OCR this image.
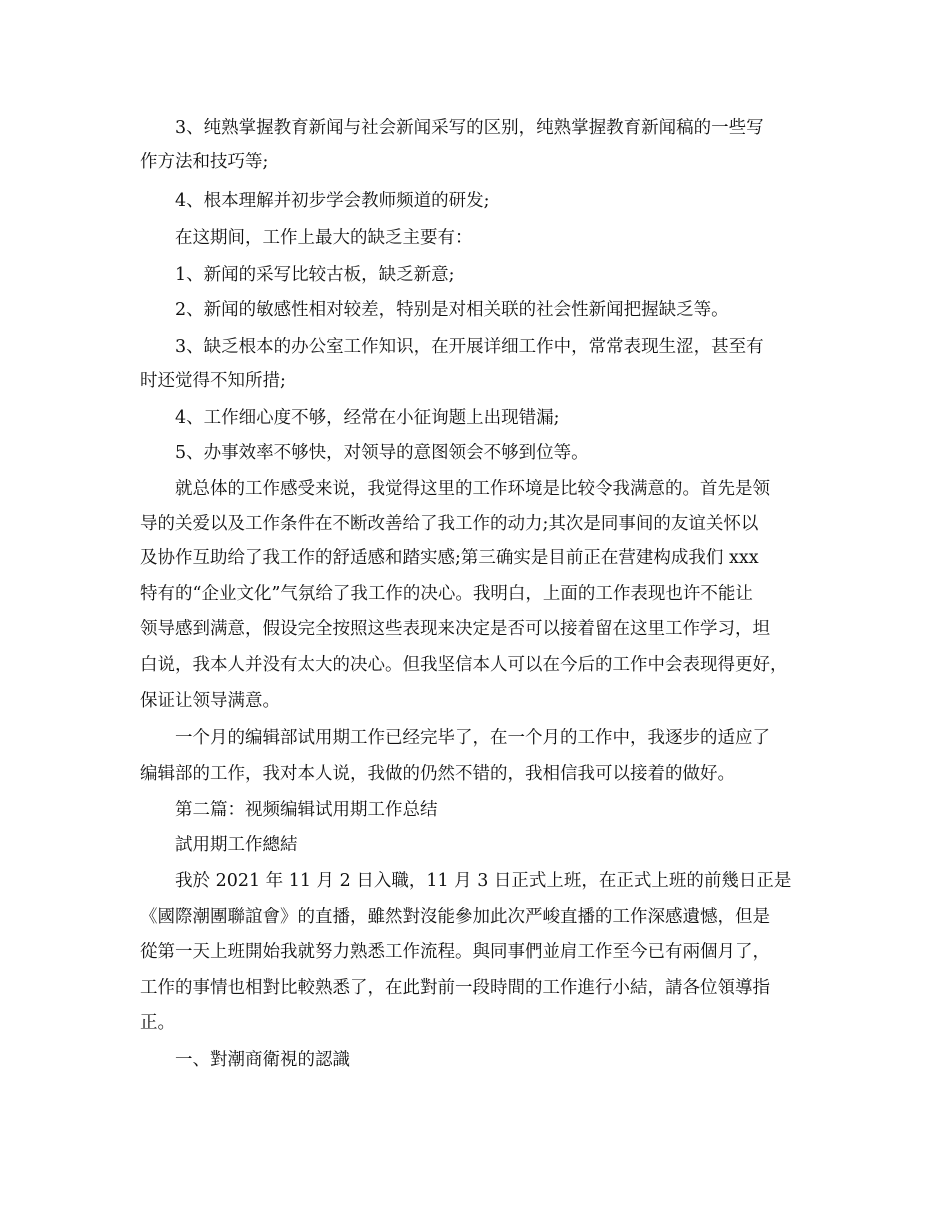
3、纯熟掌握教育新闻与社会新闻采写的区别，纯熟掌握教育新闻稿的一些写
作方法和技巧等;
4、根本理解并初步学会教师频道的研发;
在这期间，工作上最大的缺乏主要有：
1、新闻的采写比较古板，缺乏新意;
2、新闻的敏感性相对较差，特别是对相关联的社会性新闻把握缺乏等。
3、缺乏根本的办公室工作知识，在开展详细工作中，常常表现生涩，甚至有
时还觉得不知所措;
4、工作细心度不够，经常在小征询题上出现错漏;
5、办事效率不够快，对领导的意图领会不够到位等。
就总体的工作感受来说，我觉得这里的工作环境是比较令我满意的。首先是领
导的关爱以及工作条件在不断改善给了我工作的动力;其次是同事间的友谊关怀以
及协作互助给了我工作的舒适感和踏实感;第三确实是目前正在营建构成我们 xxx
特有的“企业文化”气氛给了我工作的决心。我明白，上面的工作表现也许不能让
领导感到满意，假设完全按照这些表现来决定是否可以接着留在这里工作学习，坦
白说，我本人并没有太大的决心。但我坚信本人可以在今后的工作中会表现得更好，
保证让领导满意。
一个月的编辑部试用期工作已经完毕了，在一个月的工作中，我逐步的适应了
编辑部的工作，我对本人说，我做的仍然不错的，我相信我可以接着的做好。
第二篇：视频编辑试用期工作总结
試用期工作總結
我於 2021 年 11 月 2 日入職，11 月 3 日正式上班，在正式上班的前幾日正是
《國際潮團聯誼會》的直播，雖然對沒能參加此次严峻直播的工作深感遺憾，但是
從第一天上班開始我就努力熟悉工作流程。與同事們並肩工作至今已有兩個月了，
工作的事情也相對比較熟悉了，在此對前一段時間的工作進行小結，請各位領導指
正。
一、對潮商衛視的認識
